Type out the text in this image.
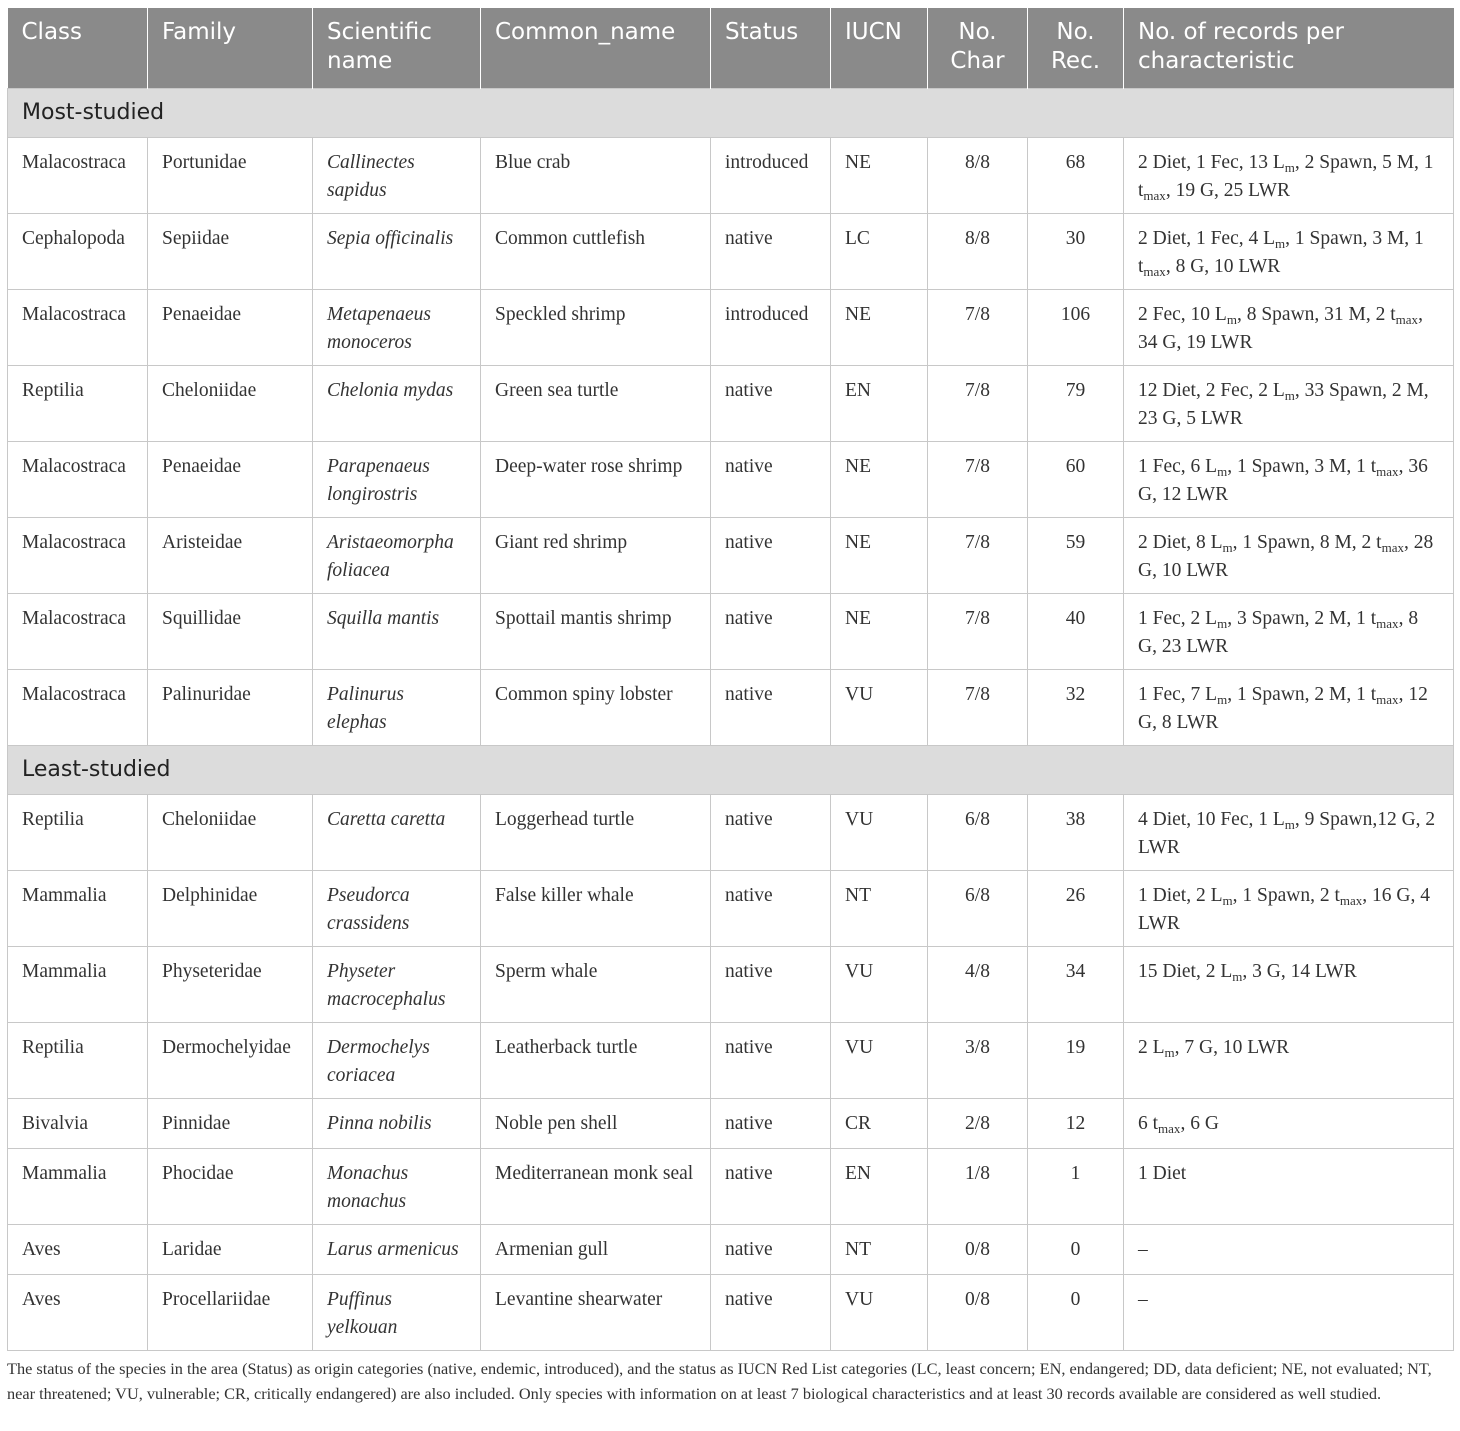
Class	Family	Scientific name	Common_name	Status	IUCN	No. Char	No. Rec.	No. of records per characteristic
Most-studied								
Malacostraca	Portunidae	Callinectes sapidus	Blue crab	introduced	NE	8/8	68	2 Diet, 1 Fec, 13 $L_m$, 2 Spawn, 5 M, 1 $t_{max}$, 19 G, 25 LWR
Cephalopoda	Sepiidae	Sepia officinalis	Common cuttlefish	native	LC	8/8	30	2 Diet, 1 Fec, 4 $L_m$, 1 Spawn, 3 M, 1 $t_{max}$, 8 G, 10 LWR
Malacostraca	Penaeidae	Metapenaeus monoceros	Speckled shrimp	introduced	NE	7/8	106	2 Fec, 10 $L_m$, 8 Spawn, 31 M, 2 $t_{max}$, 34 G, 19 LWR
Reptilia	Cheloniidae	Chelonia mydas	Green sea turtle	native	EN	7/8	79	12 Diet, 2 Fec, 2 $L_m$, 33 Spawn, 2 M, 23 G, 5 LWR
Malacostraca	Penaeidae	Parapenaeus longirostris	Deep-water rose shrimp	native	NE	7/8	60	1 Fec, 6 $L_m$, 1 Spawn, 3 M, 1 $t_{max}$, 36 G, 12 LWR
Malacostraca	Aristeidae	Aristaeomorpha foliacea	Giant red shrimp	native	NE	7/8	59	2 Diet, 8 $L_m$, 1 Spawn, 8 M, 2 $t_{max}$, 28 G, 10 LWR
Malacostraca	Squillidae	Squilla mantis	Spottail mantis shrimp	native	NE	7/8	40	1 Fec, 2 $L_m$, 3 Spawn, 2 M, 1 $t_{max}$, 8 G, 23 LWR
Malacostraca	Palinuridae	Palinurus elephas	Common spiny lobster	native	VU	7/8	32	1 Fec, 7 $L_m$, 1 Spawn, 2 M, 1 $t_{max}$, 12 G, 8 LWR
Least-studied								
Reptilia	Cheloniidae	Caretta caretta	Loggerhead turtle	native	VU	6/8	38	4 Diet, 10 Fec, 1 $L_m$, 9 Spawn,12 G, 2 LWR
Mammalia	Delphinidae	Pseudorca crassidens	False killer whale	native	NT	6/8	26	1 Diet, 2 $L_m$, 1 Spawn, 2 $t_{max}$, 16 G, 4 LWR
Mammalia	Physeteridae	Physeter macrocephalus	Sperm whale	native	VU	4/8	34	15 Diet, 2 $L_m$, 3 G, 14 LWR
Reptilia	Dermochelyidae	Dermochelys coriacea	Leatherback turtle	native	VU	3/8	19	2 $L_m$, 7 G, 10 LWR
Bivalvia	Pinnidae	Pinna nobilis	Noble pen shell	native	CR	2/8	12	6 $t_{max}$, 6 G
Mammalia	Phocidae	Monachus monachus	Mediterranean monk seal	native	EN	1/8	1	1 Diet
Aves	Laridae	Larus armenicus	Armenian gull	native	NT	0/8	0	–
Aves	Procellariidae	Puffinus yelkouan	Levantine shearwater	native	VU	0/8	0	–
The status of the species in the area (Status) as origin categories (native, endemic, introduced), and the status as IUCN Red List categories (LC, least concern; EN, endangered; DD, data deficient; NE, not evaluated; NT, near threatened; VU, vulnerable; CR, critically endangered) are also included. Only species with information on at least 7 biological characteristics and at least 30 records available are considered as well studied.
